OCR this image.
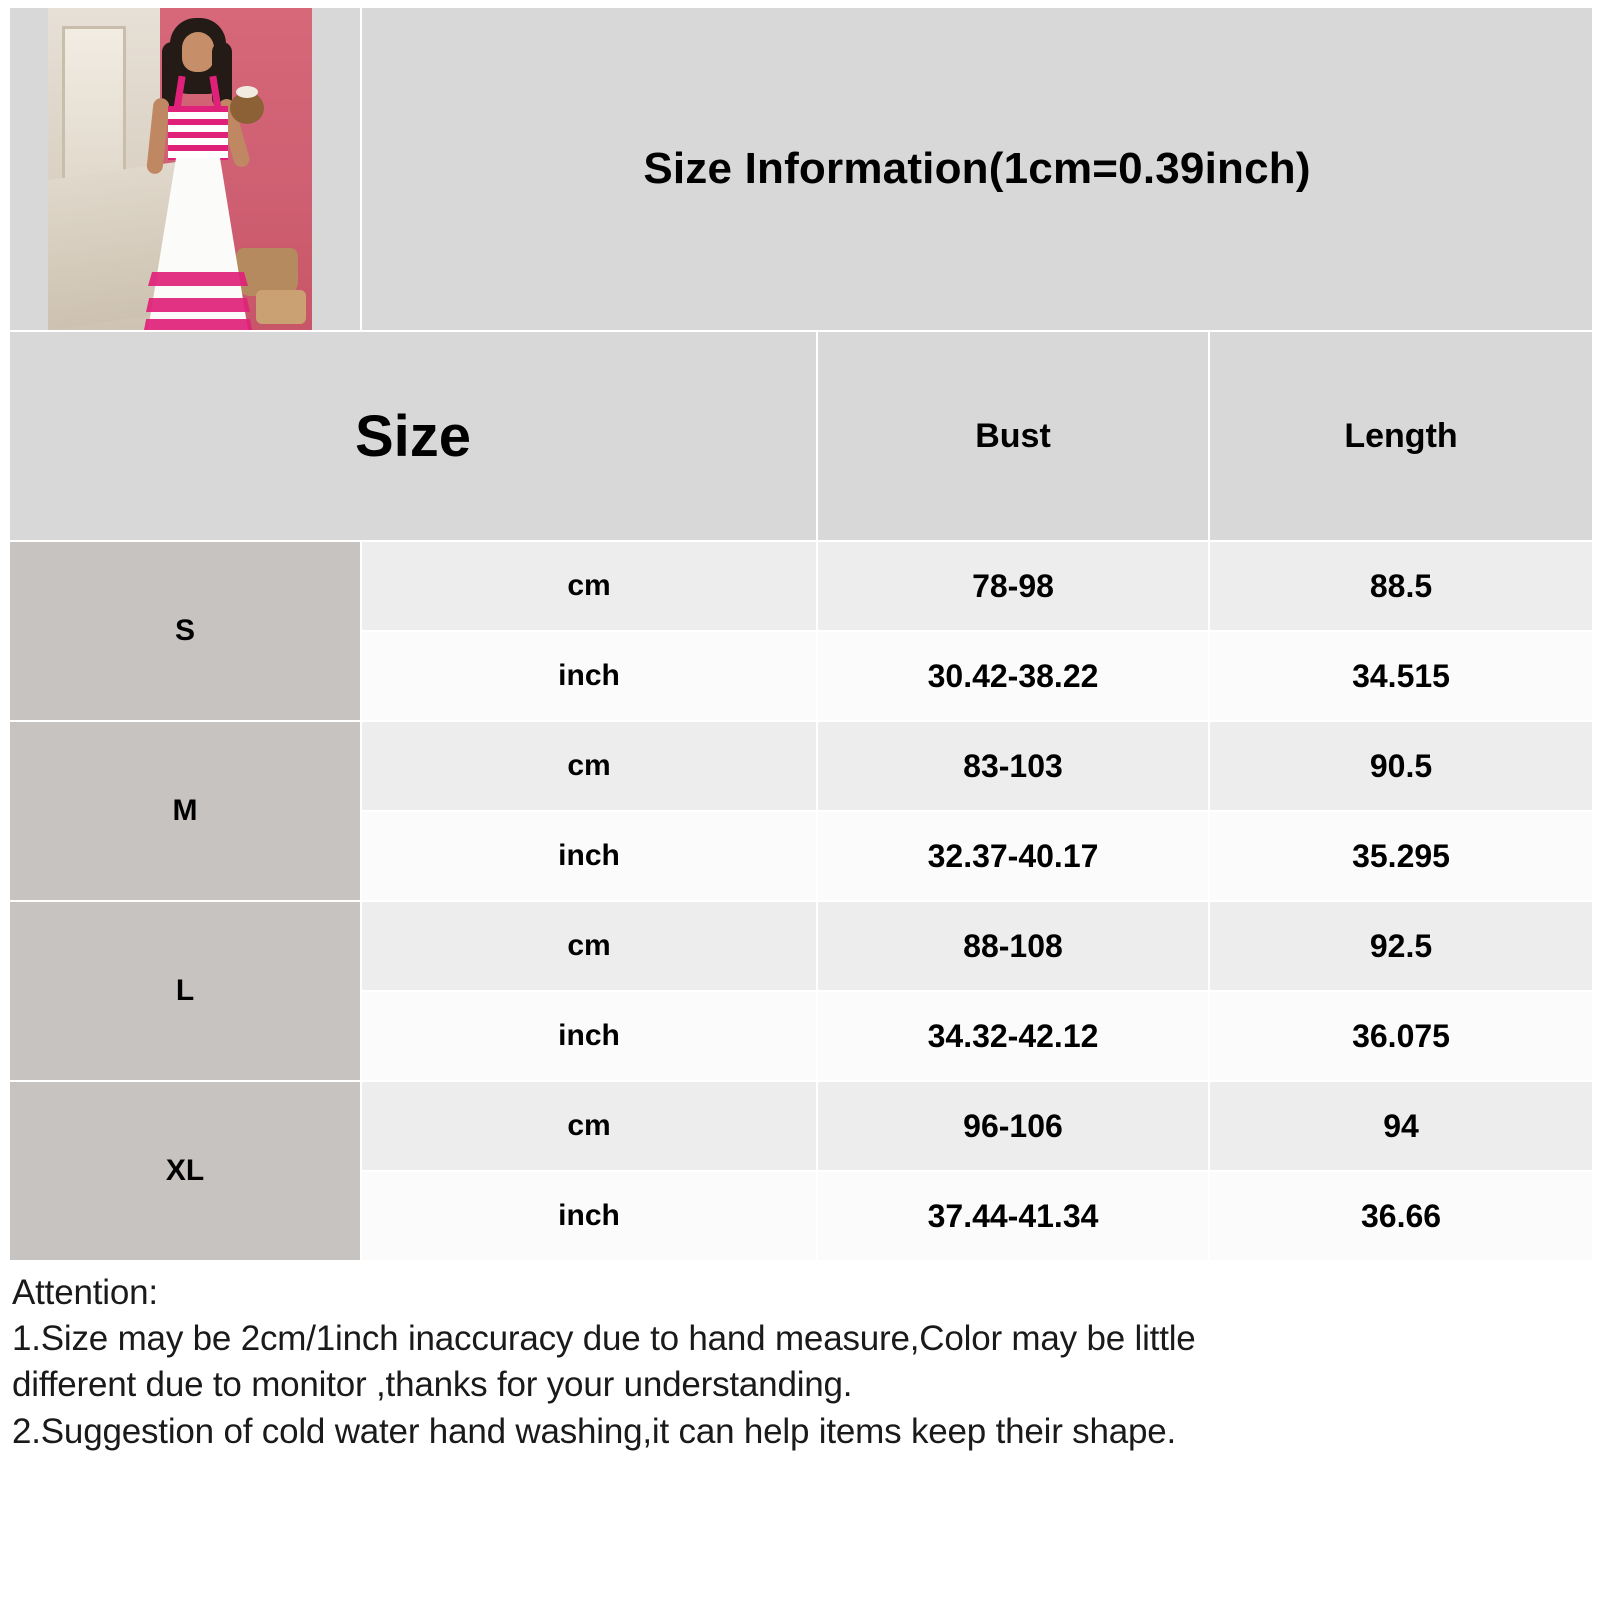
	Size Information(1cm=0.39inch)		

Size		Bust	Length
S	cm	78-98	88.5
	inch	30.42-38.22	34.515
M	cm	83-103	90.5
	inch	32.37-40.17	35.295
L	cm	88-108	92.5
	inch	34.32-42.12	36.075
XL	cm	96-106	94
	inch	37.44-41.34	36.66
Attention:
1.Size may be 2cm/1inch inaccuracy due to hand measure,Color may be little
different due to monitor ,thanks for your understanding.
2.Suggestion of cold water hand washing,it can help items keep their shape.
